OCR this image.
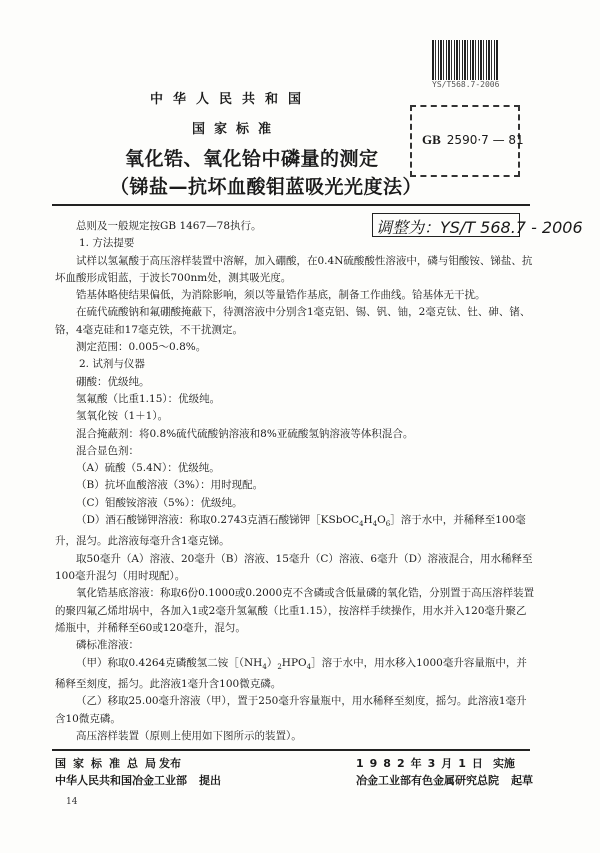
中华人民共和国
国家标准
氧化锆、氧化铪中磷量的测定
（锑盐—抗坏血酸钼蓝吸光光度法）
YS/T568.7-2006
GB 2590·7 — 81
调整为：YS/T 568.7 - 2006

总则及一般规定按GB 1467—78执行。

1. 方法提要

试样以氢氟酸于高压溶样装置中溶解，加入硼酸，在0.4N硫酸酸性溶液中，磷与钼酸铵、锑盐、抗坏血酸形成钼蓝，于波长700nm处，测其吸光度。

锆基体略使结果偏低，为消除影响，须以等量锆作基底，制备工作曲线。铪基体无干扰。

在硫代硫酸钠和氟硼酸掩蔽下，待测溶液中分别含1毫克铝、锡、钒、铀，2毫克钛、钍、砷、锗、铬，4毫克硅和17毫克铁，不干扰测定。

测定范围：0.005～0.8%。

2. 试剂与仪器

硼酸：优级纯。

氢氟酸（比重1.15）：优级纯。

氢氧化铵（1＋1）。

混合掩蔽剂：将0.8%硫代硫酸钠溶液和8%亚硫酸氢钠溶液等体积混合。

混合显色剂：

（A）硫酸（5.4N）：优级纯。

（B）抗坏血酸溶液（3%）：用时现配。

（C）钼酸铵溶液（5%）：优级纯。

（D）酒石酸锑钾溶液：称取0.2743克酒石酸锑钾$[KSbOC_4H_4O_6]$溶于水中，并稀释至100毫升，混匀。此溶液每毫升含1毫克锑。

取50毫升（A）溶液、20毫升（B）溶液、15毫升（C）溶液、6毫升（D）溶液混合，用水稀释至100毫升混匀（用时现配）。

氧化锆基底溶液：称取6份0.1000或0.2000克不含磷或含低量磷的氧化锆，分别置于高压溶样装置的聚四氟乙烯坩埚中，各加入1或2毫升氢氟酸（比重1.15），按溶样手续操作，用水并入120毫升聚乙烯瓶中，并稀释至60或120毫升，混匀。

磷标准溶液：

（甲）称取0.4264克磷酸氢二铵$[(NH_4)_2HPO_4]$溶于水中，用水移入1000毫升容量瓶中，并稀释至刻度，摇匀。此溶液1毫升含100微克磷。

（乙）移取25.00毫升溶液（甲），置于250毫升容量瓶中，用水稀释至刻度，摇匀。此溶液1毫升含10微克磷。

高压溶样装置（原则上使用如下图所示的装置）。

国家标准总局发布
中华人民共和国冶金工业部 提出
1982年3月1日 实施
冶金工业部有色金属研究总院 起草
14
